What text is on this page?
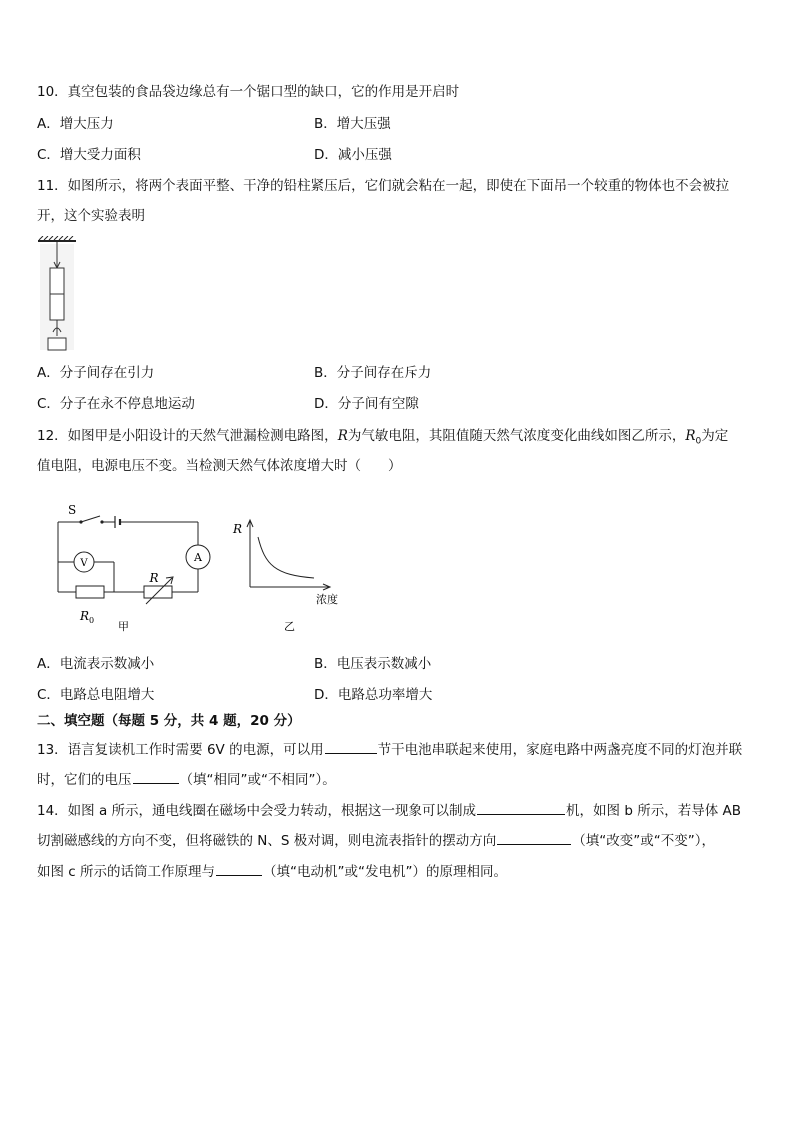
10．真空包装的食品袋边缘总有一个锯口型的缺口，它的作用是开启时
A．增大压力	B．增大压强
C．增大受力面积	D．减小压强
11．如图所示，将两个表面平整、干净的铅柱紧压后，它们就会粘在一起，即使在下面吊一个较重的物体也不会被拉
开，这个实验表明
A．分子间存在引力	B．分子间存在斥力
C．分子在永不停息地运动	D．分子间有空隙
12．如图甲是小阳设计的天然气泄漏检测电路图，R为气敏电阻，其阻值随天然气浓度变化曲线如图乙所示，$R_0$为定
值电阻，电源电压不变。当检测天然气体浓度增大时（　　）
A
R
V
S
R 0 甲
R
浓度
乙
A．电流表示数减小	B．电压表示数减小
C．电路总电阻增大	D．电路总功率增大
二、填空题（每题 5 分，共 4 题，20 分）
13．语言复读机工作时需要 6V 的电源，可以用	节干电池串联起来使用，家庭电路中两盏亮度不同的灯泡并联
时，它们的电压	（填“相同”或“不相同”）。
14．如图 a 所示，通电线圈在磁场中会受力转动，根据这一现象可以制成	机，如图 b 所示，若导体 AB
切割磁感线的方向不变，但将磁铁的 N、S 极对调，则电流表指针的摆动方向	（填“改变”或“不变”），
如图 c 所示的话筒工作原理与	（填“电动机”或“发电机”）的原理相同。
